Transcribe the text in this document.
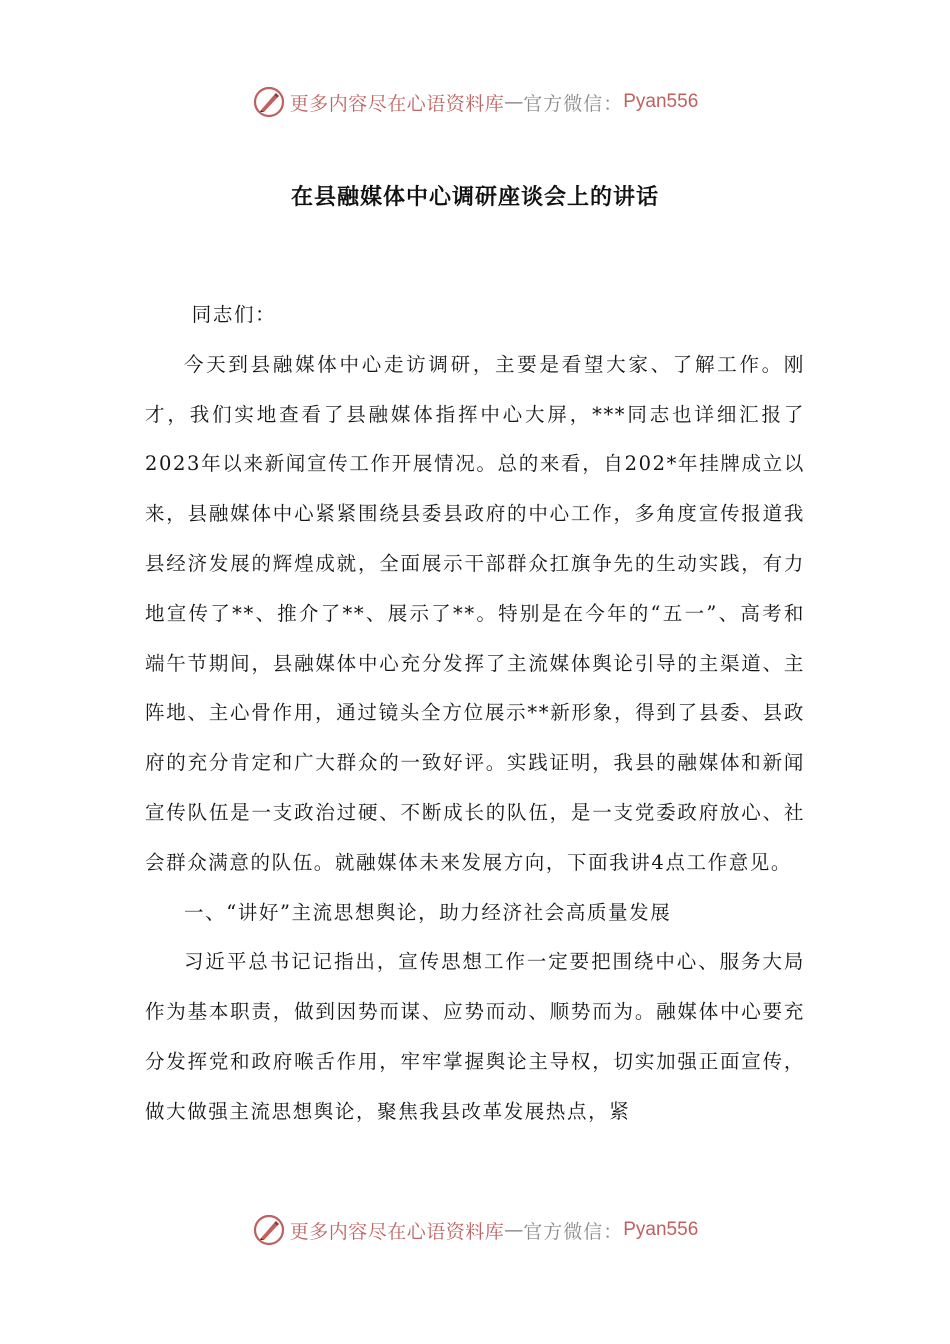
更多内容尽在心语资料库 — 官方微信： Pyan556
在县融媒体中心调研座谈会上的讲话

同志们：

今天到县融媒体中心走访调研，主要是看望大家、了解工作。刚才，我们实地查看了县融媒体指挥中心大屏，***同志也详细汇报了2023年以来新闻宣传工作开展情况。总的来看，自202*年挂牌成立以来，县融媒体中心紧紧围绕县委县政府的中心工作，多角度宣传报道我县经济发展的辉煌成就，全面展示干部群众扛旗争先的生动实践，有力地宣传了**、推介了**、展示了**。特别是在今年的“五一”、高考和端午节期间，县融媒体中心充分发挥了主流媒体舆论引导的主渠道、主阵地、主心骨作用，通过镜头全方位展示**新形象，得到了县委、县政府的充分肯定和广大群众的一致好评。实践证明，我县的融媒体和新闻宣传队伍是一支政治过硬、不断成长的队伍，是一支党委政府放心、社会群众满意的队伍。就融媒体未来发展方向，下面我讲4点工作意见。

一、“讲好”主流思想舆论，助力经济社会高质量发展

习近平总书记记指出，宣传思想工作一定要把围绕中心、服务大局作为基本职责，做到因势而谋、应势而动、顺势而为。融媒体中心要充分发挥党和政府喉舌作用，牢牢掌握舆论主导权，切实加强正面宣传，做大做强主流思想舆论，聚焦我县改革发展热点，紧

更多内容尽在心语资料库 — 官方微信： Pyan556
